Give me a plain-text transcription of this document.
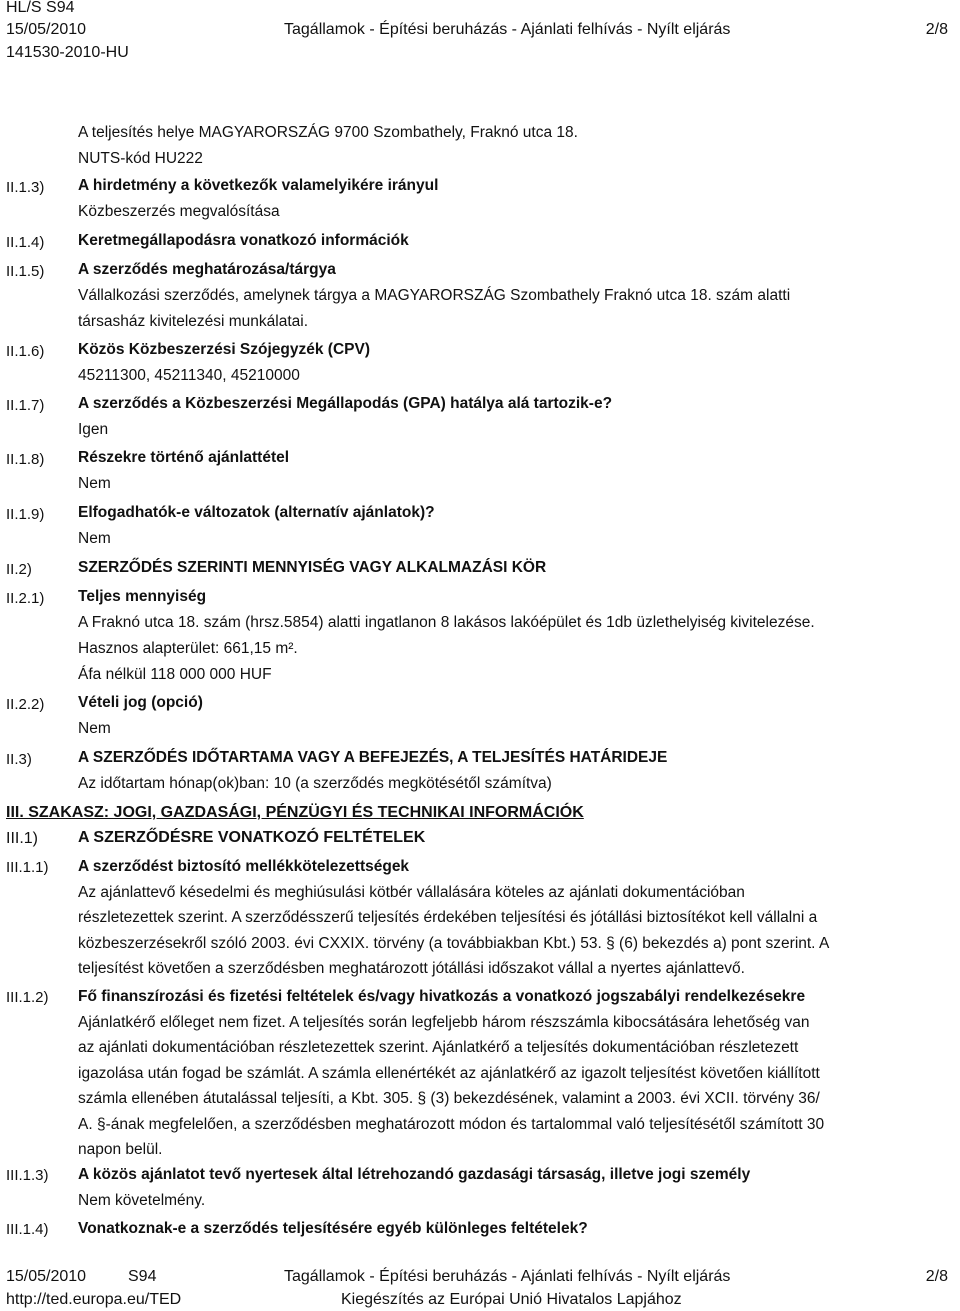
HL/S S94
15/05/2010
141530-2010-HU
Tagállamok - Építési beruházás - Ajánlati felhívás - Nyílt eljárás	2/8
A teljesítés helye MAGYARORSZÁG 9700 Szombathely, Fraknó utca 18.
NUTS-kód HU222
II.1.3) A hirdetmény a következők valamelyikére irányul
Közbeszerzés megvalósítása
II.1.4) Keretmegállapodásra vonatkozó információk
II.1.5) A szerződés meghatározása/tárgya
Vállalkozási szerződés, amelynek tárgya a MAGYARORSZÁG Szombathely Fraknó utca 18. szám alatti
társasház kivitelezési munkálatai.
II.1.6) Közös Közbeszerzési Szójegyzék (CPV)
45211300, 45211340, 45210000
II.1.7) A szerződés a Közbeszerzési Megállapodás (GPA) hatálya alá tartozik-e?
Igen
II.1.8) Részekre történő ajánlattétel
Nem
II.1.9) Elfogadhatók-e változatok (alternatív ajánlatok)?
Nem
II.2)	SZERZŐDÉS SZERINTI MENNYISÉG VAGY ALKALMAZÁSI KÖR
II.2.1) Teljes mennyiség
A Fraknó utca 18. szám (hrsz.5854) alatti ingatlanon 8 lakásos lakóépület és 1db üzlethelyiség kivitelezése.
Hasznos alapterület: 661,15 m².
Áfa nélkül 118 000 000 HUF
II.2.2) Vételi jog (opció)
Nem
II.3)	A SZERZŐDÉS IDŐTARTAMA VAGY A BEFEJEZÉS, A TELJESÍTÉS HATÁRIDEJE
Az időtartam hónap(ok)ban: 10 (a szerződés megkötésétől számítva)
III. SZAKASZ: JOGI, GAZDASÁGI, PÉNZÜGYI ÉS TECHNIKAI INFORMÁCIÓK
III.1) A SZERZŐDÉSRE VONATKOZÓ FELTÉTELEK
III.1.1) A szerződést biztosító mellékkötelezettségek
Az ajánlattevő késedelmi és meghiúsulási kötbér vállalására köteles az ajánlati dokumentációban
részletezettek szerint. A szerződésszerű teljesítés érdekében teljesítési és jótállási biztosítékot kell vállalni a
közbeszerzésekről szóló 2003. évi CXXIX. törvény (a továbbiakban Kbt.) 53. § (6) bekezdés a) pont szerint. A
teljesítést követően a szerződésben meghatározott jótállási időszakot vállal a nyertes ajánlattevő.
III.1.2) Fő finanszírozási és fizetési feltételek és/vagy hivatkozás a vonatkozó jogszabályi rendelkezésekre
Ajánlatkérő előleget nem fizet. A teljesítés során legfeljebb három részszámla kibocsátására lehetőség van
az ajánlati dokumentációban részletezettek szerint. Ajánlatkérő a teljesítés dokumentációban részletezett
igazolása után fogad be számlát. A számla ellenértékét az ajánlatkérő az igazolt teljesítést követően kiállított
számla ellenében átutalással teljesíti, a Kbt. 305. § (3) bekezdésének, valamint a 2003. évi XCII. törvény 36/
A. §-ának megfelelően, a szerződésben meghatározott módon és tartalommal való teljesítésétől számított 30
napon belül.
III.1.3) A közös ajánlatot tevő nyertesek által létrehozandó gazdasági társaság, illetve jogi személy
Nem követelmény.
III.1.4) Vonatkoznak-e a szerződés teljesítésére egyéb különleges feltételek?
15/05/2010	S94
http://ted.europa.eu/TED
Tagállamok - Építési beruházás - Ajánlati felhívás - Nyílt eljárás
Kiegészítés az Európai Unió Hivatalos Lapjához
2/8
